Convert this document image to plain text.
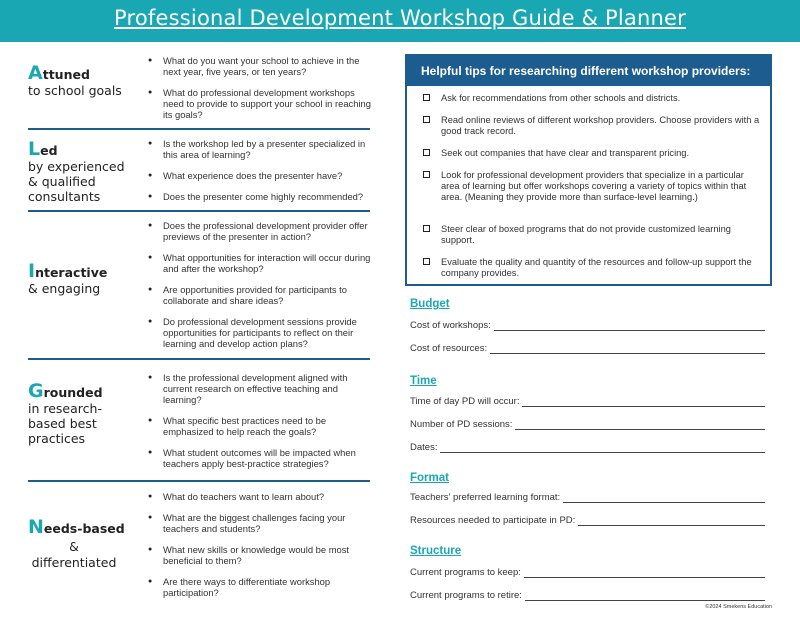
Professional Development Workshop Guide & Planner
Attuned
to school goals
● What do you want your school to achieve in the next year, five years, or ten years?
● What do professional development workshops need to provide to support your school in reaching its goals?
Led
by experienced & qualified consultants
● Is the workshop led by a presenter specialized in this area of learning?
● What experience does the presenter have?
● Does the presenter come highly recommended?
Interactive
& engaging
● Does the professional development provider offer previews of the presenter in action?
● What opportunities for interaction will occur during and after the workshop?
● Are opportunities provided for participants to collaborate and share ideas?
● Do professional development sessions provide opportunities for participants to reflect on their learning and develop action plans?
Grounded
in research-based best practices
● Is the professional development aligned with current research on effective teaching and learning?
● What specific best practices need to be emphasized to help reach the goals?
● What student outcomes will be impacted when teachers apply best-practice strategies?
Needs-based
& differentiated
● What do teachers want to learn about?
● What are the biggest challenges facing your teachers and students?
● What new skills or knowledge would be most beneficial to them?
● Are there ways to differentiate workshop participation?
Helpful tips for researching different workshop providers:
Ask for recommendations from other schools and districts.
Read online reviews of different workshop providers. Choose providers with a good track record.
Seek out companies that have clear and transparent pricing.
Look for professional development providers that specialize in a particular area of learning but offer workshops covering a variety of topics within that area. (Meaning they provide more than surface-level learning.)
Steer clear of boxed programs that do not provide customized learning support.
Evaluate the quality and quantity of the resources and follow-up support the company provides.
Budget
Cost of workshops:
Cost of resources:
Time
Time of day PD will occur:
Number of PD sessions:
Dates:
Format
Teachers' preferred learning format:
Resources needed to participate in PD:
Structure
Current programs to keep:
Current programs to retire:
©2024 Smekens Education
